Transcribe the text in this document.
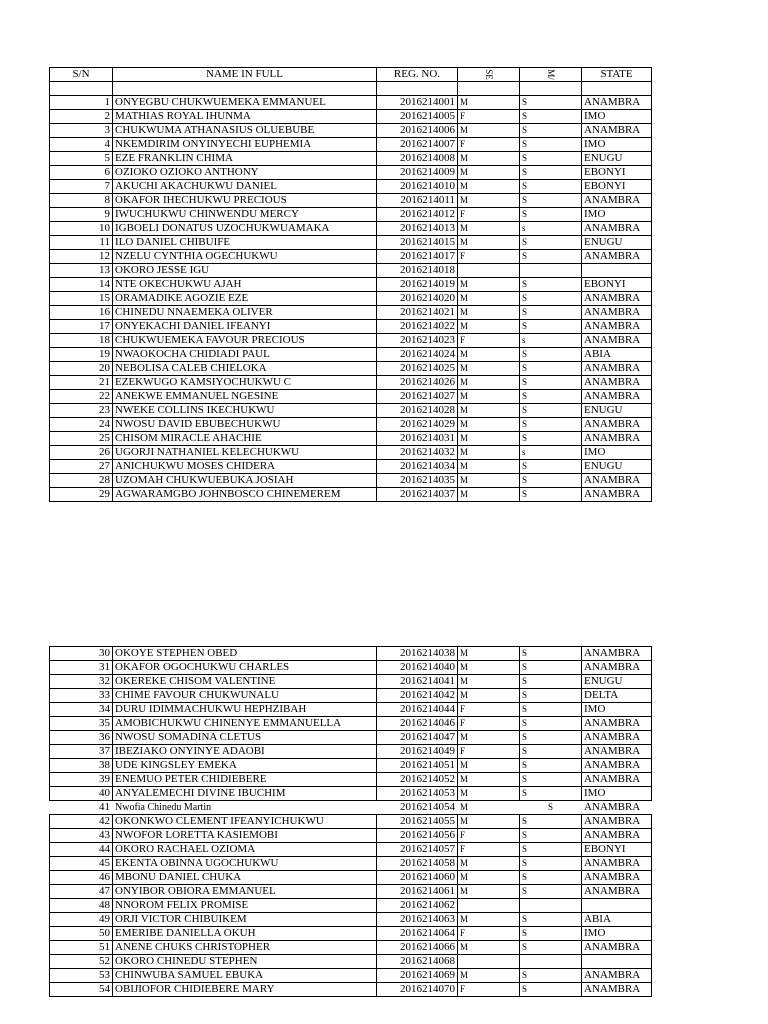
S/N	NAME IN FULL	REG. NO.	SE	M/	STATE

1	ONYEGBU CHUKWUEMEKA EMMANUEL	2016214001	M	S	ANAMBRA
2	MATHIAS ROYAL IHUNMA	2016214005	F	S	IMO
3	CHUKWUMA ATHANASIUS OLUEBUBE	2016214006	M	S	ANAMBRA
4	NKEMDIRIM ONYINYECHI EUPHEMIA	2016214007	F	S	IMO
5	EZE FRANKLIN CHIMA	2016214008	M	S	ENUGU
6	OZIOKO OZIOKO ANTHONY	2016214009	M	S	EBONYI
7	AKUCHI AKACHUKWU DANIEL	2016214010	M	S	EBONYI
8	OKAFOR IHECHUKWU PRECIOUS	2016214011	M	S	ANAMBRA
9	IWUCHUKWU CHINWENDU MERCY	2016214012	F	S	IMO
10	IGBOELI DONATUS UZOCHUKWUAMAKA	2016214013	M	s	ANAMBRA
11	ILO DANIEL CHIBUIFE	2016214015	M	S	ENUGU
12	NZELU CYNTHIA OGECHUKWU	2016214017	F	S	ANAMBRA
13	OKORO JESSE IGU	2016214018			
14	NTE OKECHUKWU AJAH	2016214019	M	S	EBONYI
15	ORAMADIKE AGOZIE EZE	2016214020	M	S	ANAMBRA
16	CHINEDU NNAEMEKA OLIVER	2016214021	M	S	ANAMBRA
17	ONYEKACHI DANIEL IFEANYI	2016214022	M	S	ANAMBRA
18	CHUKWUEMEKA FAVOUR PRECIOUS	2016214023	F	s	ANAMBRA
19	NWAOKOCHA CHIDIADI PAUL	2016214024	M	S	ABIA
20	NEBOLISA CALEB CHIELOKA	2016214025	M	S	ANAMBRA
21	EZEKWUGO KAMSIYOCHUKWU C	2016214026	M	S	ANAMBRA
22	ANEKWE EMMANUEL NGESINE	2016214027	M	S	ANAMBRA
23	NWEKE COLLINS IKECHUKWU	2016214028	M	S	ENUGU
24	NWOSU DAVID EBUBECHUKWU	2016214029	M	S	ANAMBRA
25	CHISOM MIRACLE AHACHIE	2016214031	M	S	ANAMBRA
26	UGORJI NATHANIEL KELECHUKWU	2016214032	M	s	IMO
27	ANICHUKWU MOSES CHIDERA	2016214034	M	S	ENUGU
28	UZOMAH CHUKWUEBUKA JOSIAH	2016214035	M	S	ANAMBRA
29	AGWARAMGBO JOHNBOSCO CHINEMEREM	2016214037	M	S	ANAMBRA
30	OKOYE STEPHEN OBED	2016214038	M	S	ANAMBRA
31	OKAFOR OGOCHUKWU CHARLES	2016214040	M	S	ANAMBRA
32	OKEREKE CHISOM VALENTINE	2016214041	M	S	ENUGU
33	CHIME FAVOUR CHUKWUNALU	2016214042	M	S	DELTA
34	DURU IDIMMACHUKWU HEPHZIBAH	2016214044	F	S	IMO
35	AMOBICHUKWU CHINENYE EMMANUELLA	2016214046	F	S	ANAMBRA
36	NWOSU SOMADINA CLETUS	2016214047	M	S	ANAMBRA
37	IBEZIAKO ONYINYE ADAOBI	2016214049	F	S	ANAMBRA
38	UDE KINGSLEY EMEKA	2016214051	M	S	ANAMBRA
39	ENEMUO PETER CHIDIEBERE	2016214052	M	S	ANAMBRA
40	ANYALEMECHI DIVINE IBUCHIM	2016214053	M	S	IMO
41	Nwofia Chinedu Martin	2016214054	M	S	ANAMBRA
42	OKONKWO CLEMENT IFEANYICHUKWU	2016214055	M	S	ANAMBRA
43	NWOFOR LORETTA KASIEMOBI	2016214056	F	S	ANAMBRA
44	OKORO RACHAEL OZIOMA	2016214057	F	S	EBONYI
45	EKENTA OBINNA UGOCHUKWU	2016214058	M	S	ANAMBRA
46	MBONU DANIEL CHUKA	2016214060	M	S	ANAMBRA
47	ONYIBOR OBIORA EMMANUEL	2016214061	M	S	ANAMBRA
48	NNOROM FELIX PROMISE	2016214062			
49	ORJI VICTOR CHIBUIKEM	2016214063	M	S	ABIA
50	EMERIBE DANIELLA OKUH	2016214064	F	S	IMO
51	ANENE CHUKS CHRISTOPHER	2016214066	M	S	ANAMBRA
52	OKORO CHINEDU STEPHEN	2016214068			
53	CHINWUBA SAMUEL EBUKA	2016214069	M	S	ANAMBRA
54	OBIJIOFOR CHIDIEBERE MARY	2016214070	F	S	ANAMBRA
